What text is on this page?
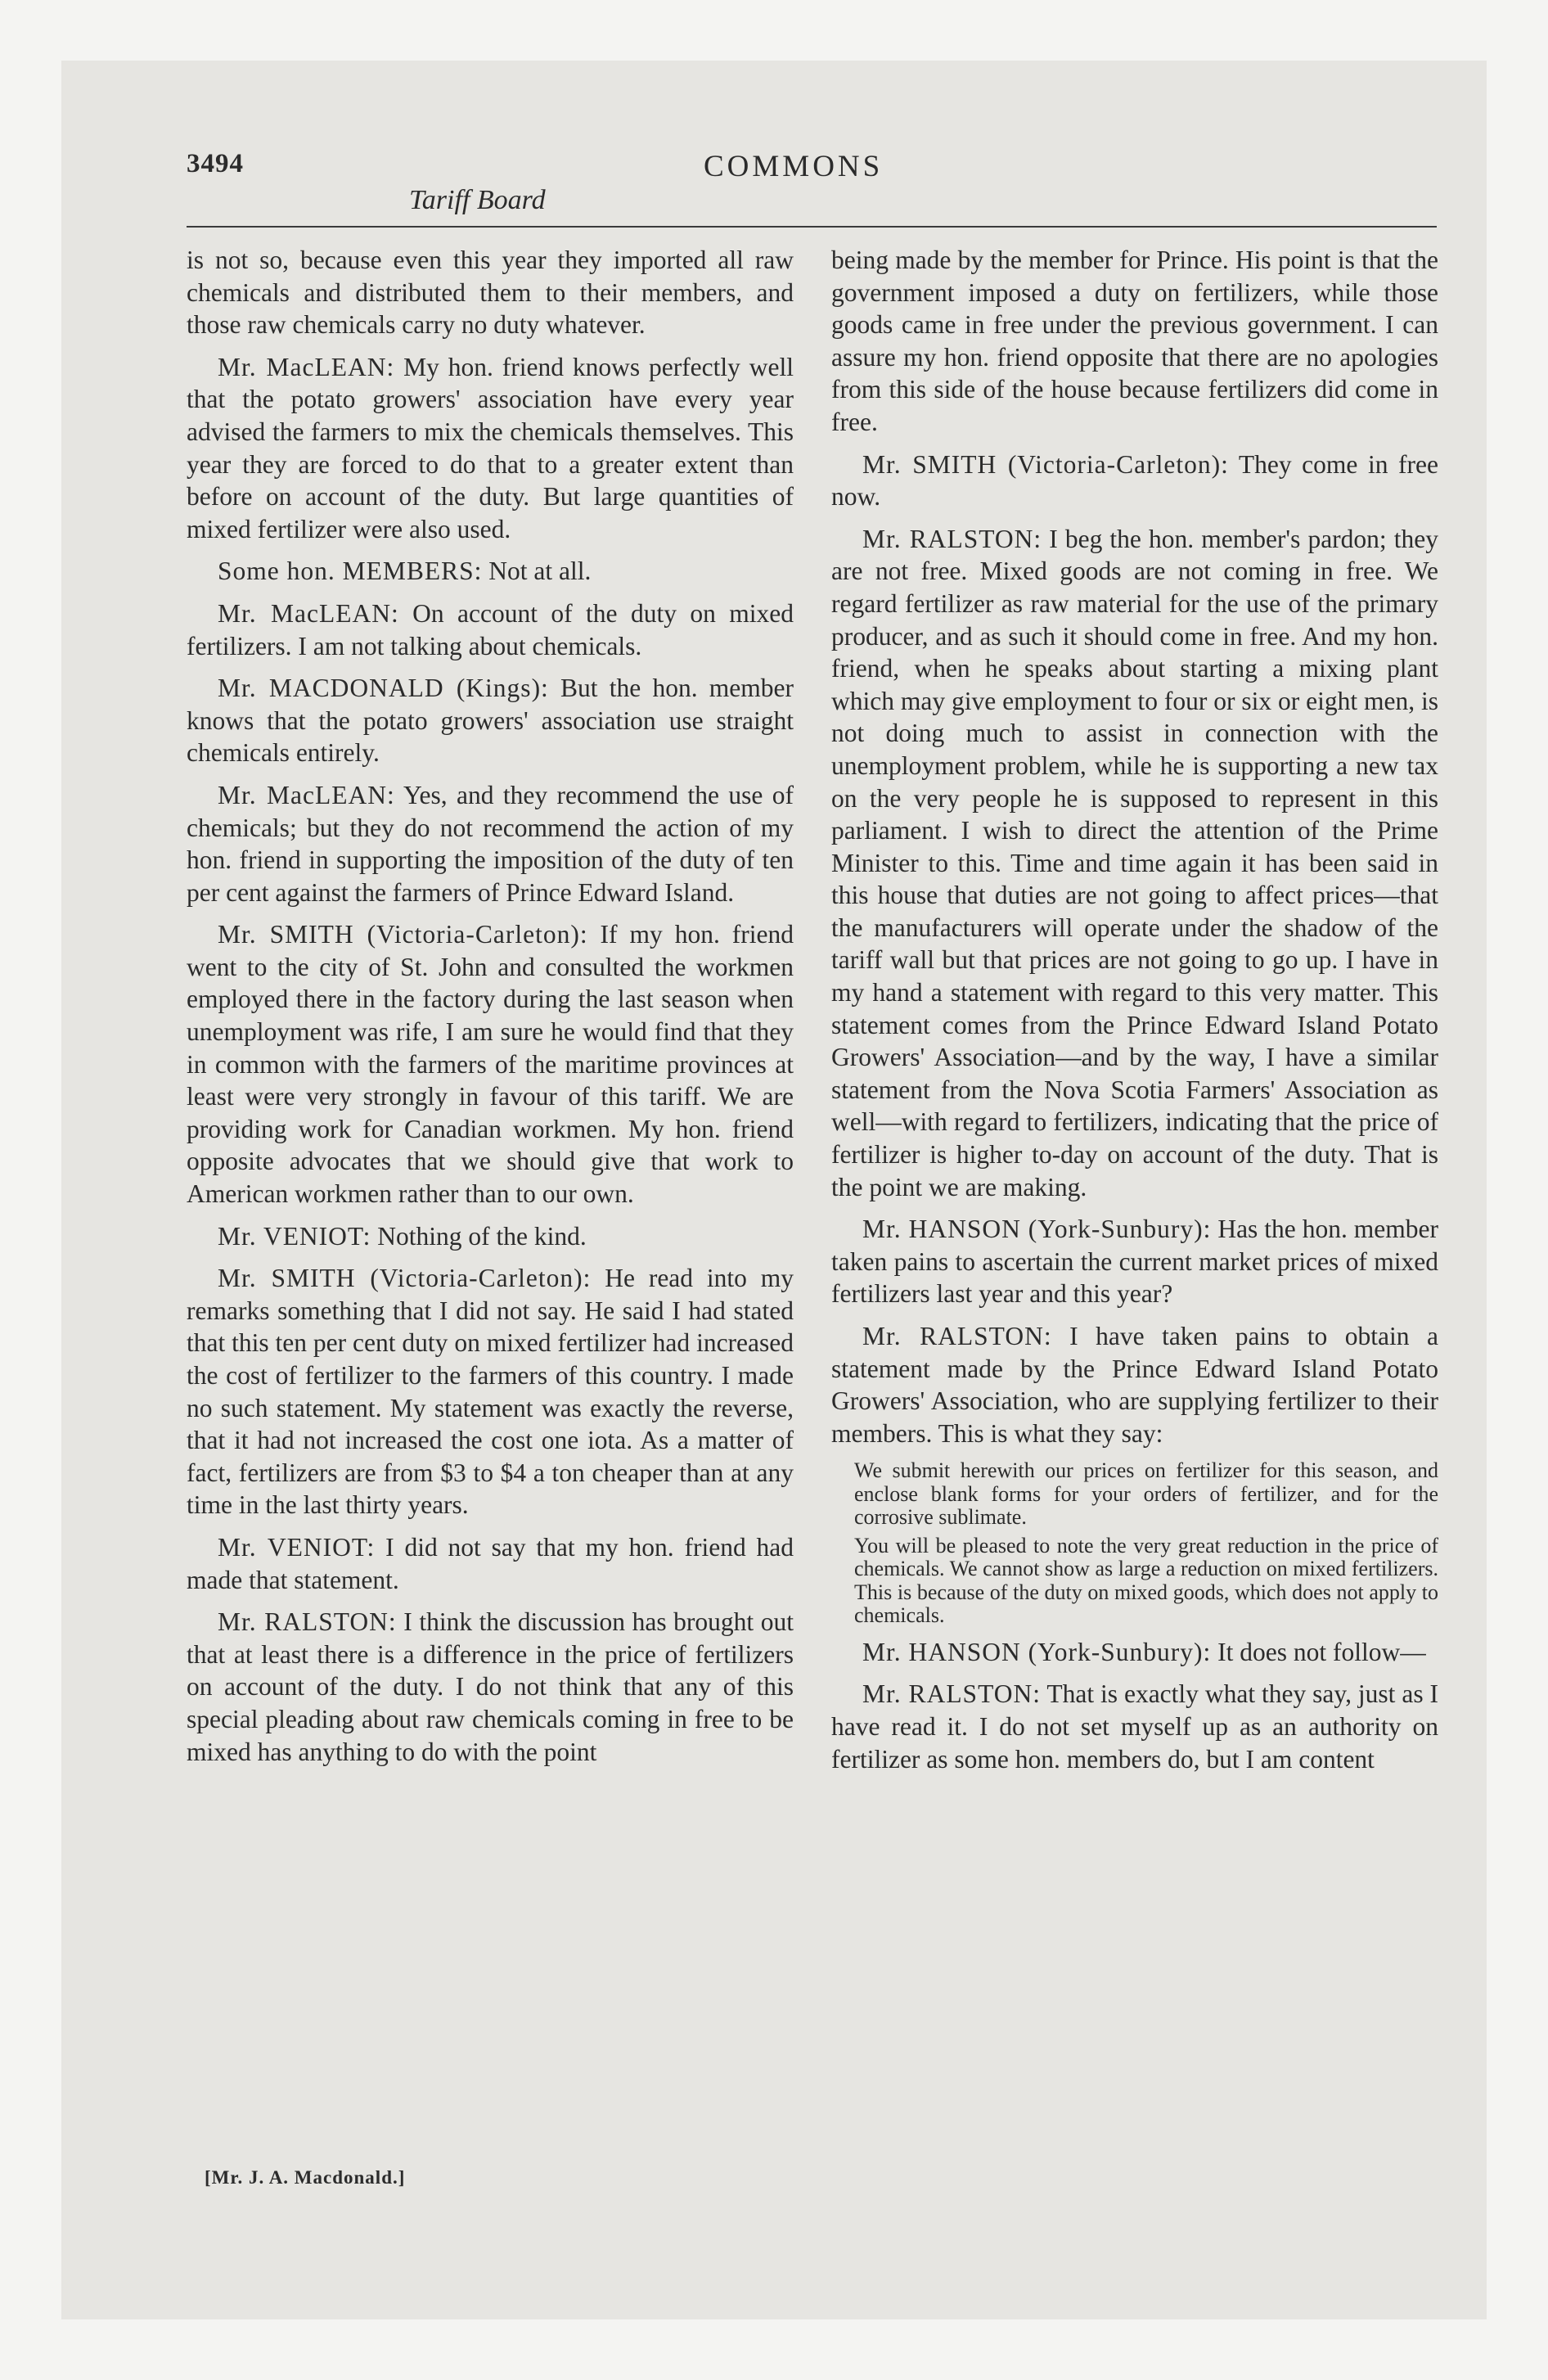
3494	COMMONS
Tariff Board

is not so, because even this year they imported all raw chemicals and distributed them to their members, and those raw chemicals carry no duty whatever.

Mr. MacLEAN: My hon. friend knows perfectly well that the potato growers' association have every year advised the farmers to mix the chemicals themselves. This year they are forced to do that to a greater extent than before on account of the duty. But large quantities of mixed fertilizer were also used.

Some hon. MEMBERS: Not at all.

Mr. MacLEAN: On account of the duty on mixed fertilizers. I am not talking about chemicals.

Mr. MACDONALD (Kings): But the hon. member knows that the potato growers' association use straight chemicals entirely.

Mr. MacLEAN: Yes, and they recommend the use of chemicals; but they do not recommend the action of my hon. friend in supporting the imposition of the duty of ten per cent against the farmers of Prince Edward Island.

Mr. SMITH (Victoria-Carleton): If my hon. friend went to the city of St. John and consulted the workmen employed there in the factory during the last season when unemployment was rife, I am sure he would find that they in common with the farmers of the maritime provinces at least were very strongly in favour of this tariff. We are providing work for Canadian workmen. My hon. friend opposite advocates that we should give that work to American workmen rather than to our own.

Mr. VENIOT: Nothing of the kind.

Mr. SMITH (Victoria-Carleton): He read into my remarks something that I did not say. He said I had stated that this ten per cent duty on mixed fertilizer had increased the cost of fertilizer to the farmers of this country. I made no such statement. My statement was exactly the reverse, that it had not increased the cost one iota. As a matter of fact, fertilizers are from $3 to $4 a ton cheaper than at any time in the last thirty years.

Mr. VENIOT: I did not say that my hon. friend had made that statement.

Mr. RALSTON: I think the discussion has brought out that at least there is a difference in the price of fertilizers on account of the duty. I do not think that any of this special pleading about raw chemicals coming in free to be mixed has anything to do with the point

being made by the member for Prince. His point is that the government imposed a duty on fertilizers, while those goods came in free under the previous government. I can assure my hon. friend opposite that there are no apologies from this side of the house because fertilizers did come in free.

Mr. SMITH (Victoria-Carleton): They come in free now.

Mr. RALSTON: I beg the hon. member's pardon; they are not free. Mixed goods are not coming in free. We regard fertilizer as raw material for the use of the primary producer, and as such it should come in free. And my hon. friend, when he speaks about starting a mixing plant which may give employment to four or six or eight men, is not doing much to assist in connection with the unemployment problem, while he is supporting a new tax on the very people he is supposed to represent in this parliament. I wish to direct the attention of the Prime Minister to this. Time and time again it has been said in this house that duties are not going to affect prices—that the manufacturers will operate under the shadow of the tariff wall but that prices are not going to go up. I have in my hand a statement with regard to this very matter. This statement comes from the Prince Edward Island Potato Growers' Association—and by the way, I have a similar statement from the Nova Scotia Farmers' Association as well—with regard to fertilizers, indicating that the price of fertilizer is higher to-day on account of the duty. That is the point we are making.

Mr. HANSON (York-Sunbury): Has the hon. member taken pains to ascertain the current market prices of mixed fertilizers last year and this year?

Mr. RALSTON: I have taken pains to obtain a statement made by the Prince Edward Island Potato Growers' Association, who are supplying fertilizer to their members. This is what they say:

We submit herewith our prices on fertilizer for this season, and enclose blank forms for your orders of fertilizer, and for the corrosive sublimate.

You will be pleased to note the very great reduction in the price of chemicals. We cannot show as large a reduction on mixed fertilizers. This is because of the duty on mixed goods, which does not apply to chemicals.

Mr. HANSON (York-Sunbury): It does not follow—

Mr. RALSTON: That is exactly what they say, just as I have read it. I do not set myself up as an authority on fertilizer as some hon. members do, but I am content

[Mr. J. A. Macdonald.]
